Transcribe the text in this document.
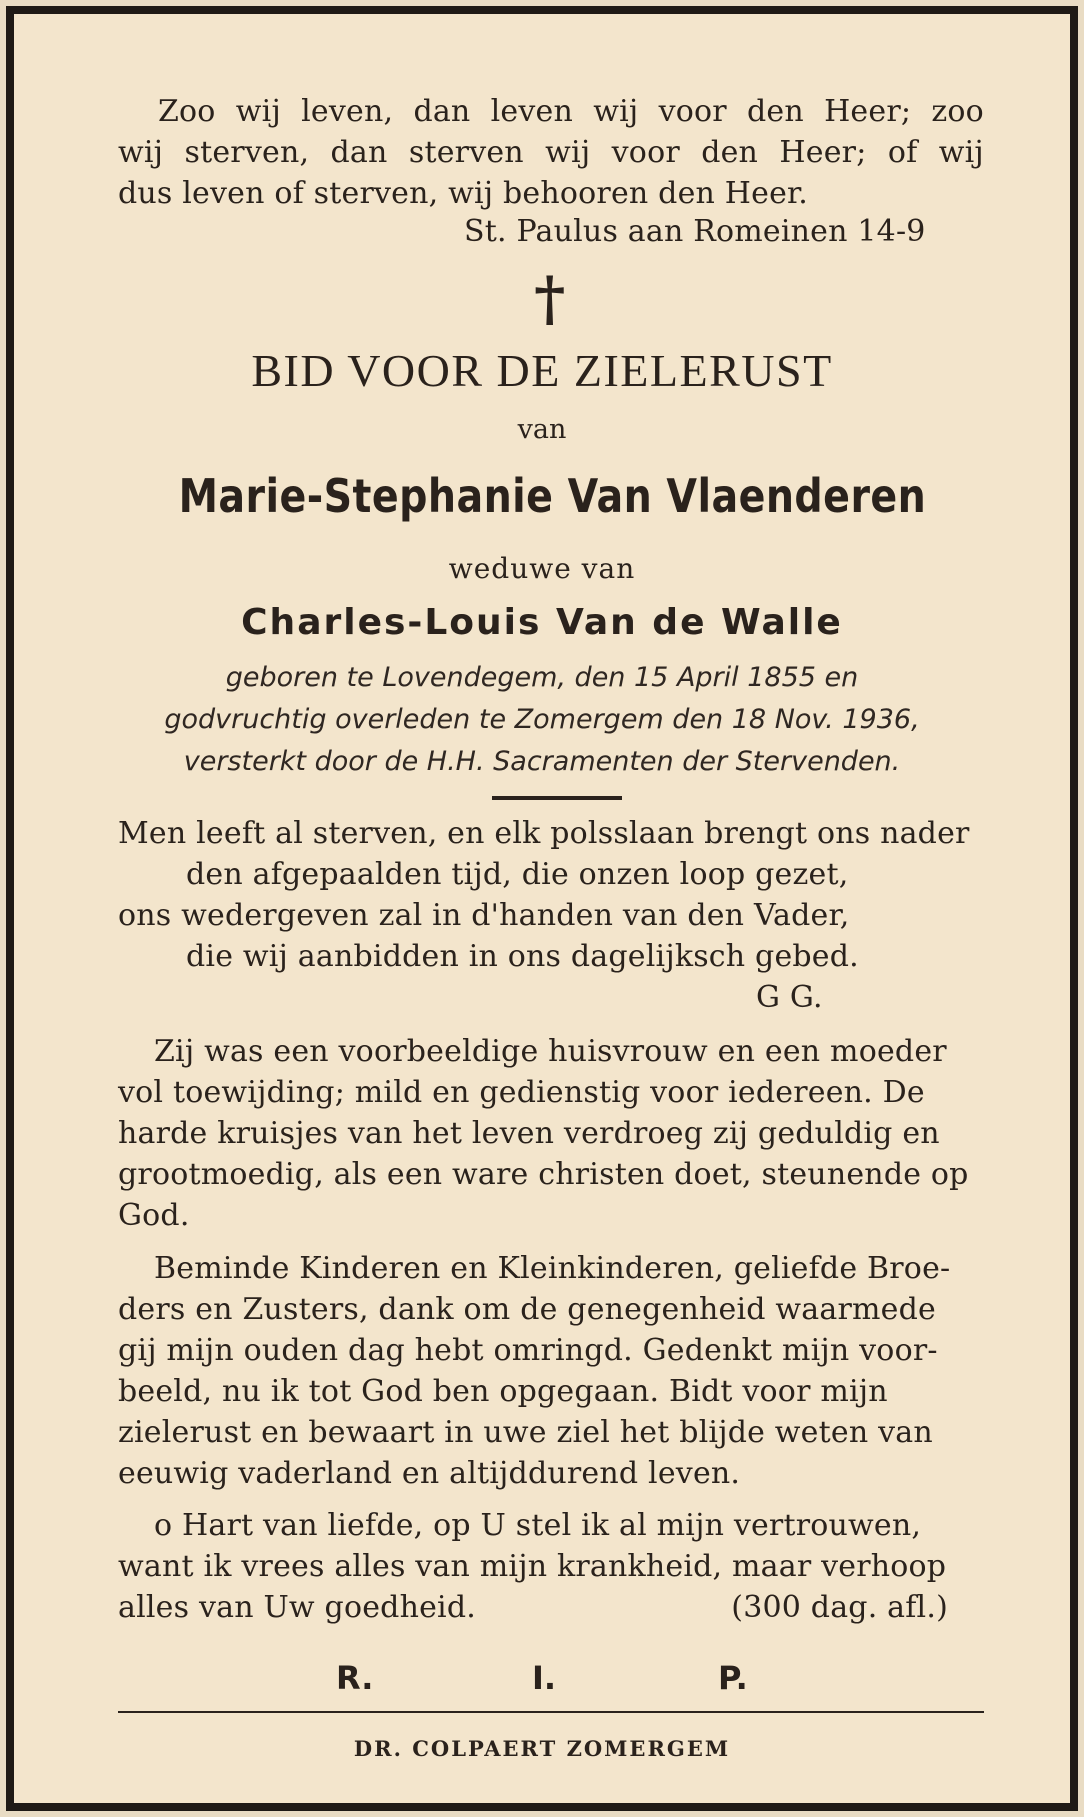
Zoo wij leven, dan leven wij voor den Heer; zoo
wij sterven, dan sterven wij voor den Heer; of wij
dus leven of sterven, wij behooren den Heer.
St. Paulus aan Romeinen 14-9
†
BID VOOR DE ZIELERUST
van
Marie-Stephanie Van Vlaenderen
weduwe van
Charles-Louis Van de Walle
geboren te Lovendegem, den 15 April 1855 en
godvruchtig overleden te Zomergem den 18 Nov. 1936,
versterkt door de H.H. Sacramenten der Stervenden.
Men leeft al sterven, en elk polsslaan brengt ons nader
den afgepaalden tijd, die onzen loop gezet,
ons wedergeven zal in d'handen van den Vader,
die wij aanbidden in ons dagelijksch gebed.
G G.
Zij was een voorbeeldige huisvrouw en een moeder
vol toewijding; mild en gedienstig voor iedereen. De
harde kruisjes van het leven verdroeg zij geduldig en
grootmoedig, als een ware christen doet, steunende op
God.
Beminde Kinderen en Kleinkinderen, geliefde Broe-
ders en Zusters, dank om de genegenheid waarmede
gij mijn ouden dag hebt omringd. Gedenkt mijn voor-
beeld, nu ik tot God ben opgegaan. Bidt voor mijn
zielerust en bewaart in uwe ziel het blijde weten van
eeuwig vaderland en altijddurend leven.
o Hart van liefde, op U stel ik al mijn vertrouwen,
want ik vrees alles van mijn krankheid, maar verhoop
alles van Uw goedheid.	(300 dag. afl.)
R.	I.	P.
DR. COLPAERT ZOMERGEM
